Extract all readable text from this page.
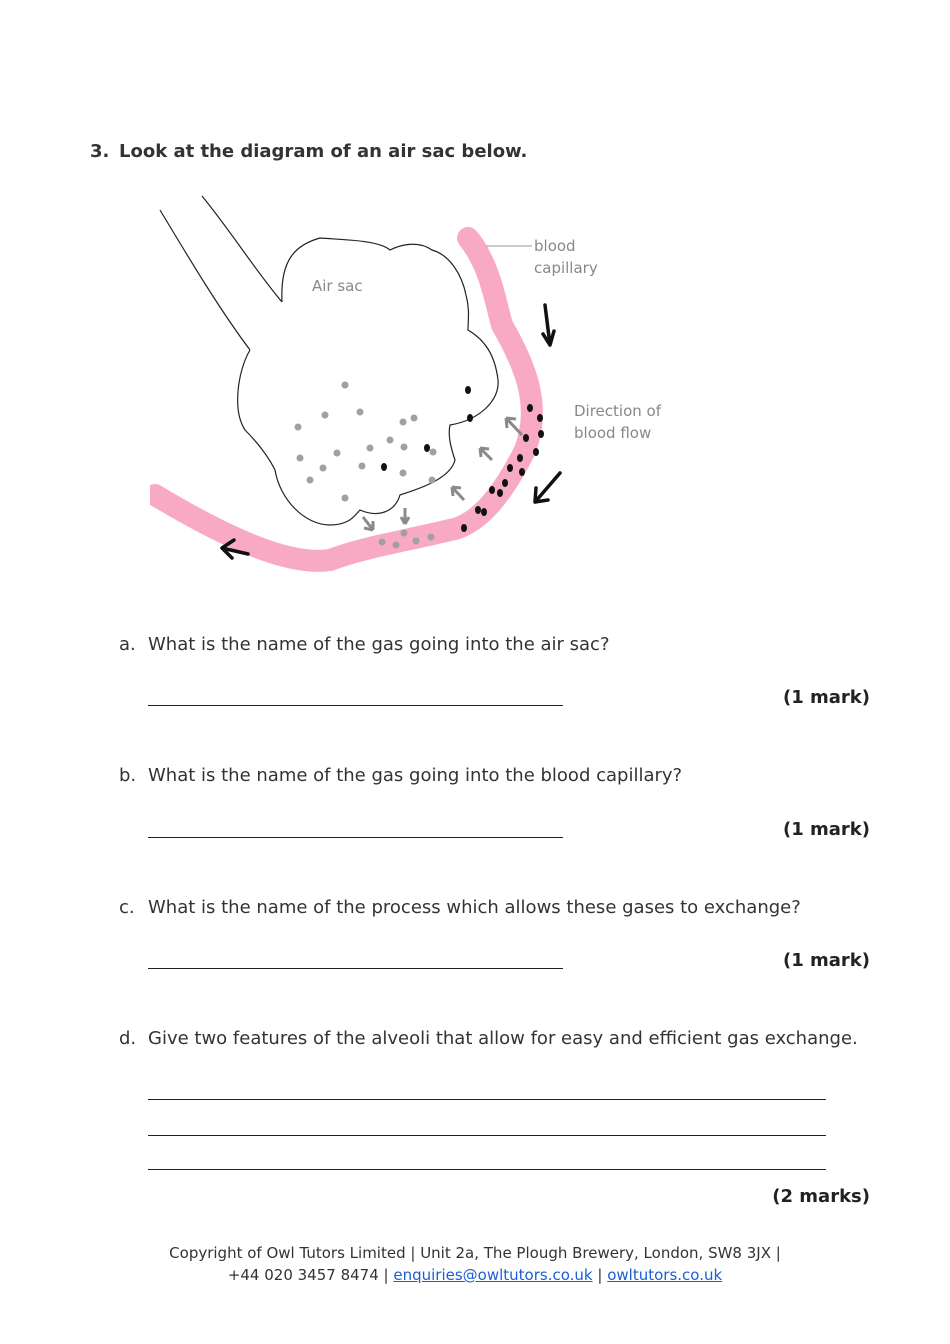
3. Look at the diagram of an air sac below.
Air sac
blood
capillary
Direction of
blood flow
a. What is the name of the gas going into the air sac?
(1 mark)
b. What is the name of the gas going into the blood capillary?
(1 mark)
c. What is the name of the process which allows these gases to exchange?
(1 mark)
d. Give two features of the alveoli that allow for easy and efficient gas exchange.
(2 marks)
Copyright of Owl Tutors Limited | Unit 2a, The Plough Brewery, London, SW8 3JX |
+44 020 3457 8474 | enquiries@owltutors.co.uk | owltutors.co.uk
